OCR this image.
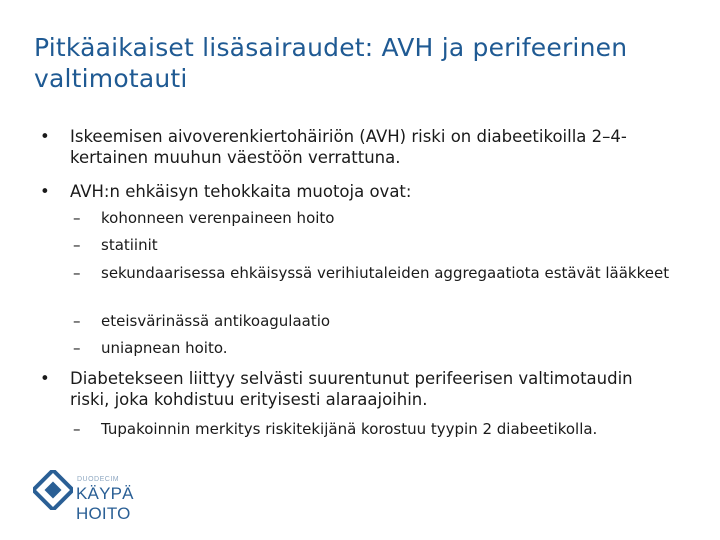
Pitkäaikaiset lisäsairaudet: AVH ja perifeerinen valtimotauti
• Iskeemisen aivoverenkiertohäiriön (AVH) riski on diabeetikoilla 2–4-kertainen muuhun väestöön verrattuna.
• AVH:n ehkäisyn tehokkaita muotoja ovat:
– kohonneen verenpaineen hoito
– statiinit
– sekundaarisessa ehkäisyssä verihiutaleiden aggregaatiota estävät lääkkeet
– eteisvärinässä antikoagulaatio
– uniapnean hoito.
• Diabetekseen liittyy selvästi suurentunut perifeerisen valtimotaudin riski, joka kohdistuu erityisesti alaraajoihin.
– Tupakoinnin merkitys riskitekijänä korostuu tyypin 2 diabeetikolla.
DUODECIM
KÄYPÄ HOITO
